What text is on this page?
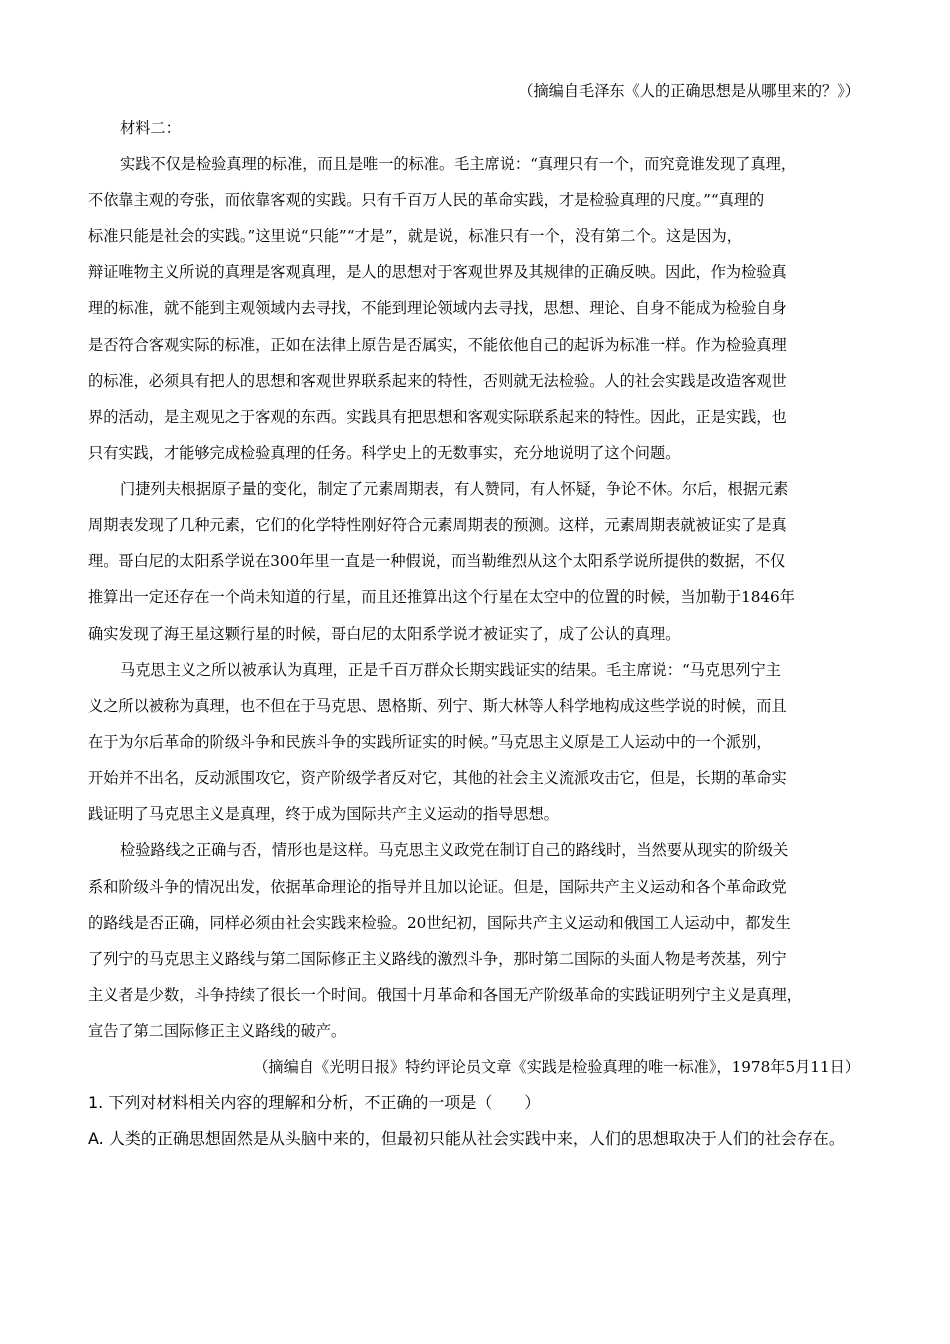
（摘编自毛泽东《人的正确思想是从哪里来的？》）
材料二：
实践不仅是检验真理的标准，而且是唯一的标准。毛主席说：“真理只有一个，而究竟谁发现了真理，
不依靠主观的夸张，而依靠客观的实践。只有千百万人民的革命实践，才是检验真理的尺度。”“真理的
标准只能是社会的实践。”这里说“只能”“才是”，就是说，标准只有一个，没有第二个。这是因为，
辩证唯物主义所说的真理是客观真理，是人的思想对于客观世界及其规律的正确反映。因此，作为检验真
理的标准，就不能到主观领域内去寻找，不能到理论领域内去寻找，思想、理论、自身不能成为检验自身
是否符合客观实际的标准，正如在法律上原告是否属实，不能依他自己的起诉为标准一样。作为检验真理
的标准，必须具有把人的思想和客观世界联系起来的特性，否则就无法检验。人的社会实践是改造客观世
界的活动，是主观见之于客观的东西。实践具有把思想和客观实际联系起来的特性。因此，正是实践，也
只有实践，才能够完成检验真理的任务。科学史上的无数事实，充分地说明了这个问题。
门捷列夫根据原子量的变化，制定了元素周期表，有人赞同，有人怀疑，争论不休。尔后，根据元素
周期表发现了几种元素，它们的化学特性刚好符合元素周期表的预测。这样，元素周期表就被证实了是真
理。哥白尼的太阳系学说在300年里一直是一种假说，而当勒维烈从这个太阳系学说所提供的数据，不仅
推算出一定还存在一个尚未知道的行星，而且还推算出这个行星在太空中的位置的时候，当加勒于1846年
确实发现了海王星这颗行星的时候，哥白尼的太阳系学说才被证实了，成了公认的真理。
马克思主义之所以被承认为真理，正是千百万群众长期实践证实的结果。毛主席说：“马克思列宁主
义之所以被称为真理，也不但在于马克思、恩格斯、列宁、斯大林等人科学地构成这些学说的时候，而且
在于为尔后革命的阶级斗争和民族斗争的实践所证实的时候。”马克思主义原是工人运动中的一个派别，
开始并不出名，反动派围攻它，资产阶级学者反对它，其他的社会主义流派攻击它，但是，长期的革命实
践证明了马克思主义是真理，终于成为国际共产主义运动的指导思想。
检验路线之正确与否，情形也是这样。马克思主义政党在制订自己的路线时，当然要从现实的阶级关
系和阶级斗争的情况出发，依据革命理论的指导并且加以论证。但是，国际共产主义运动和各个革命政党
的路线是否正确，同样必须由社会实践来检验。20世纪初，国际共产主义运动和俄国工人运动中，都发生
了列宁的马克思主义路线与第二国际修正主义路线的激烈斗争，那时第二国际的头面人物是考茨基，列宁
主义者是少数，斗争持续了很长一个时间。俄国十月革命和各国无产阶级革命的实践证明列宁主义是真理，
宣告了第二国际修正主义路线的破产。
（摘编自《光明日报》特约评论员文章《实践是检验真理的唯一标准》，1978年5月11日）
1. 下列对材料相关内容的理解和分析，不正确的一项是（　　）
A. 人类的正确思想固然是从头脑中来的，但最初只能从社会实践中来，人们的思想取决于人们的社会存在。
